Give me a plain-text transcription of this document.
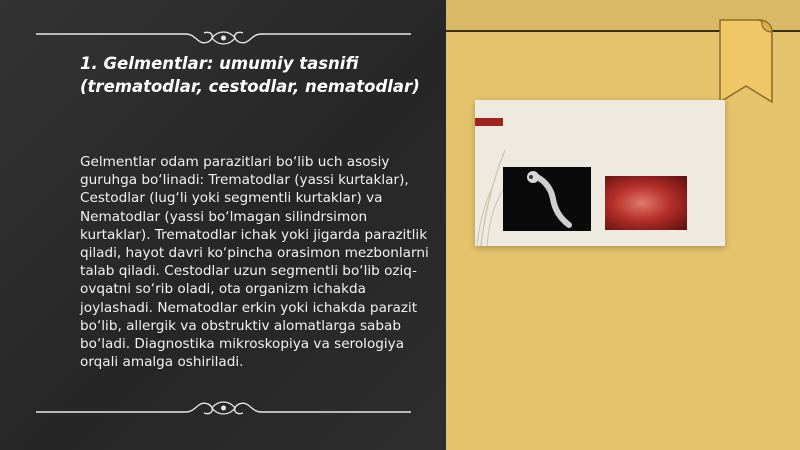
1. Gelmentlar: umumiy tasnifi (trematodlar, cestodlar, nematodlar)

Gelmentlar odam parazitlari bo‘lib uch asosiy guruhga bo‘linadi: Trematodlar (yassi kurtaklar), Cestodlar (lug‘li yoki segmentli kurtaklar) va Nematodlar (yassi bo‘lmagan silindrsimon kurtaklar). Trematodlar ichak yoki jigarda parazitlik qiladi, hayot davri ko‘pincha orasimon mezbonlarni talab qiladi. Cestodlar uzun segmentli bo‘lib oziq-ovqatni so‘rib oladi, ota organizm ichakda joylashadi. Nematodlar erkin yoki ichakda parazit bo‘lib, allergik va obstruktiv alomatlarga sabab bo‘ladi. Diagnostika mikroskopiya va serologiya orqali amalga oshiriladi.
